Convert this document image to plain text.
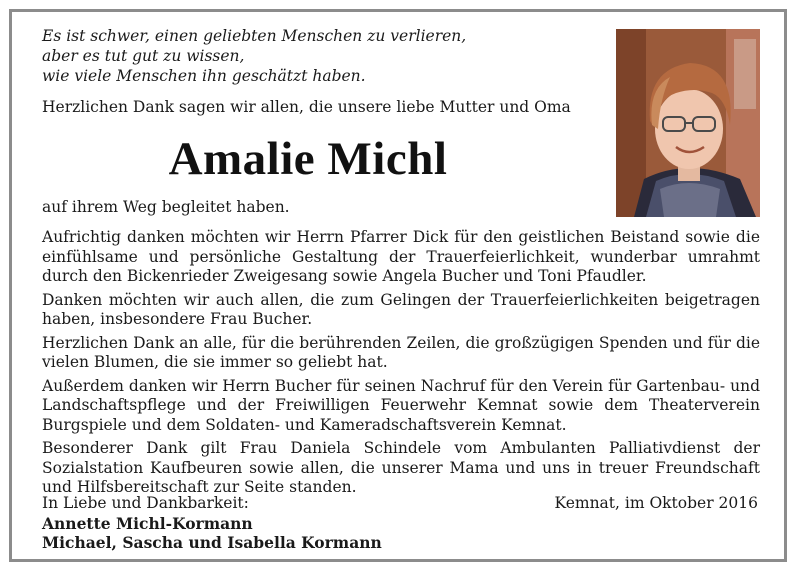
Es ist schwer, einen geliebten Menschen zu verlieren,
aber es tut gut zu wissen,
wie viele Menschen ihn geschätzt haben.
Herzlichen Dank sagen wir allen, die unsere liebe Mutter und Oma
Amalie Michl
auf ihrem Weg begleitet haben.

Aufrichtig danken möchten wir Herrn Pfarrer Dick für den geistlichen Beistand sowie die einfühlsame und persönliche Gestaltung der Trauerfeierlichkeit, wunderbar umrahmt durch den Bickenrieder Zweigesang sowie Angela Bucher und Toni Pfaudler.

Danken möchten wir auch allen, die zum Gelingen der Trauerfeierlichkeiten beigetragen haben, insbesondere Frau Bucher.

Herzlichen Dank an alle, für die berührenden Zeilen, die großzügigen Spenden und für die vielen Blumen, die sie immer so geliebt hat.

Außerdem danken wir Herrn Bucher für seinen Nachruf für den Verein für Gartenbau- und Landschaftspflege und der Freiwilligen Feuerwehr Kemnat sowie dem Theaterverein Burgspiele und dem Soldaten- und Kameradschaftsverein Kemnat.

Besonderer Dank gilt Frau Daniela Schindele vom Ambulanten Palliativdienst der Sozialstation Kaufbeuren sowie allen, die unserer Mama und uns in treuer Freundschaft und Hilfsbereitschaft zur Seite standen.

In Liebe und Dankbarkeit:
Annette Michl-Kormann
Michael, Sascha und Isabella Kormann
Kemnat, im Oktober 2016
